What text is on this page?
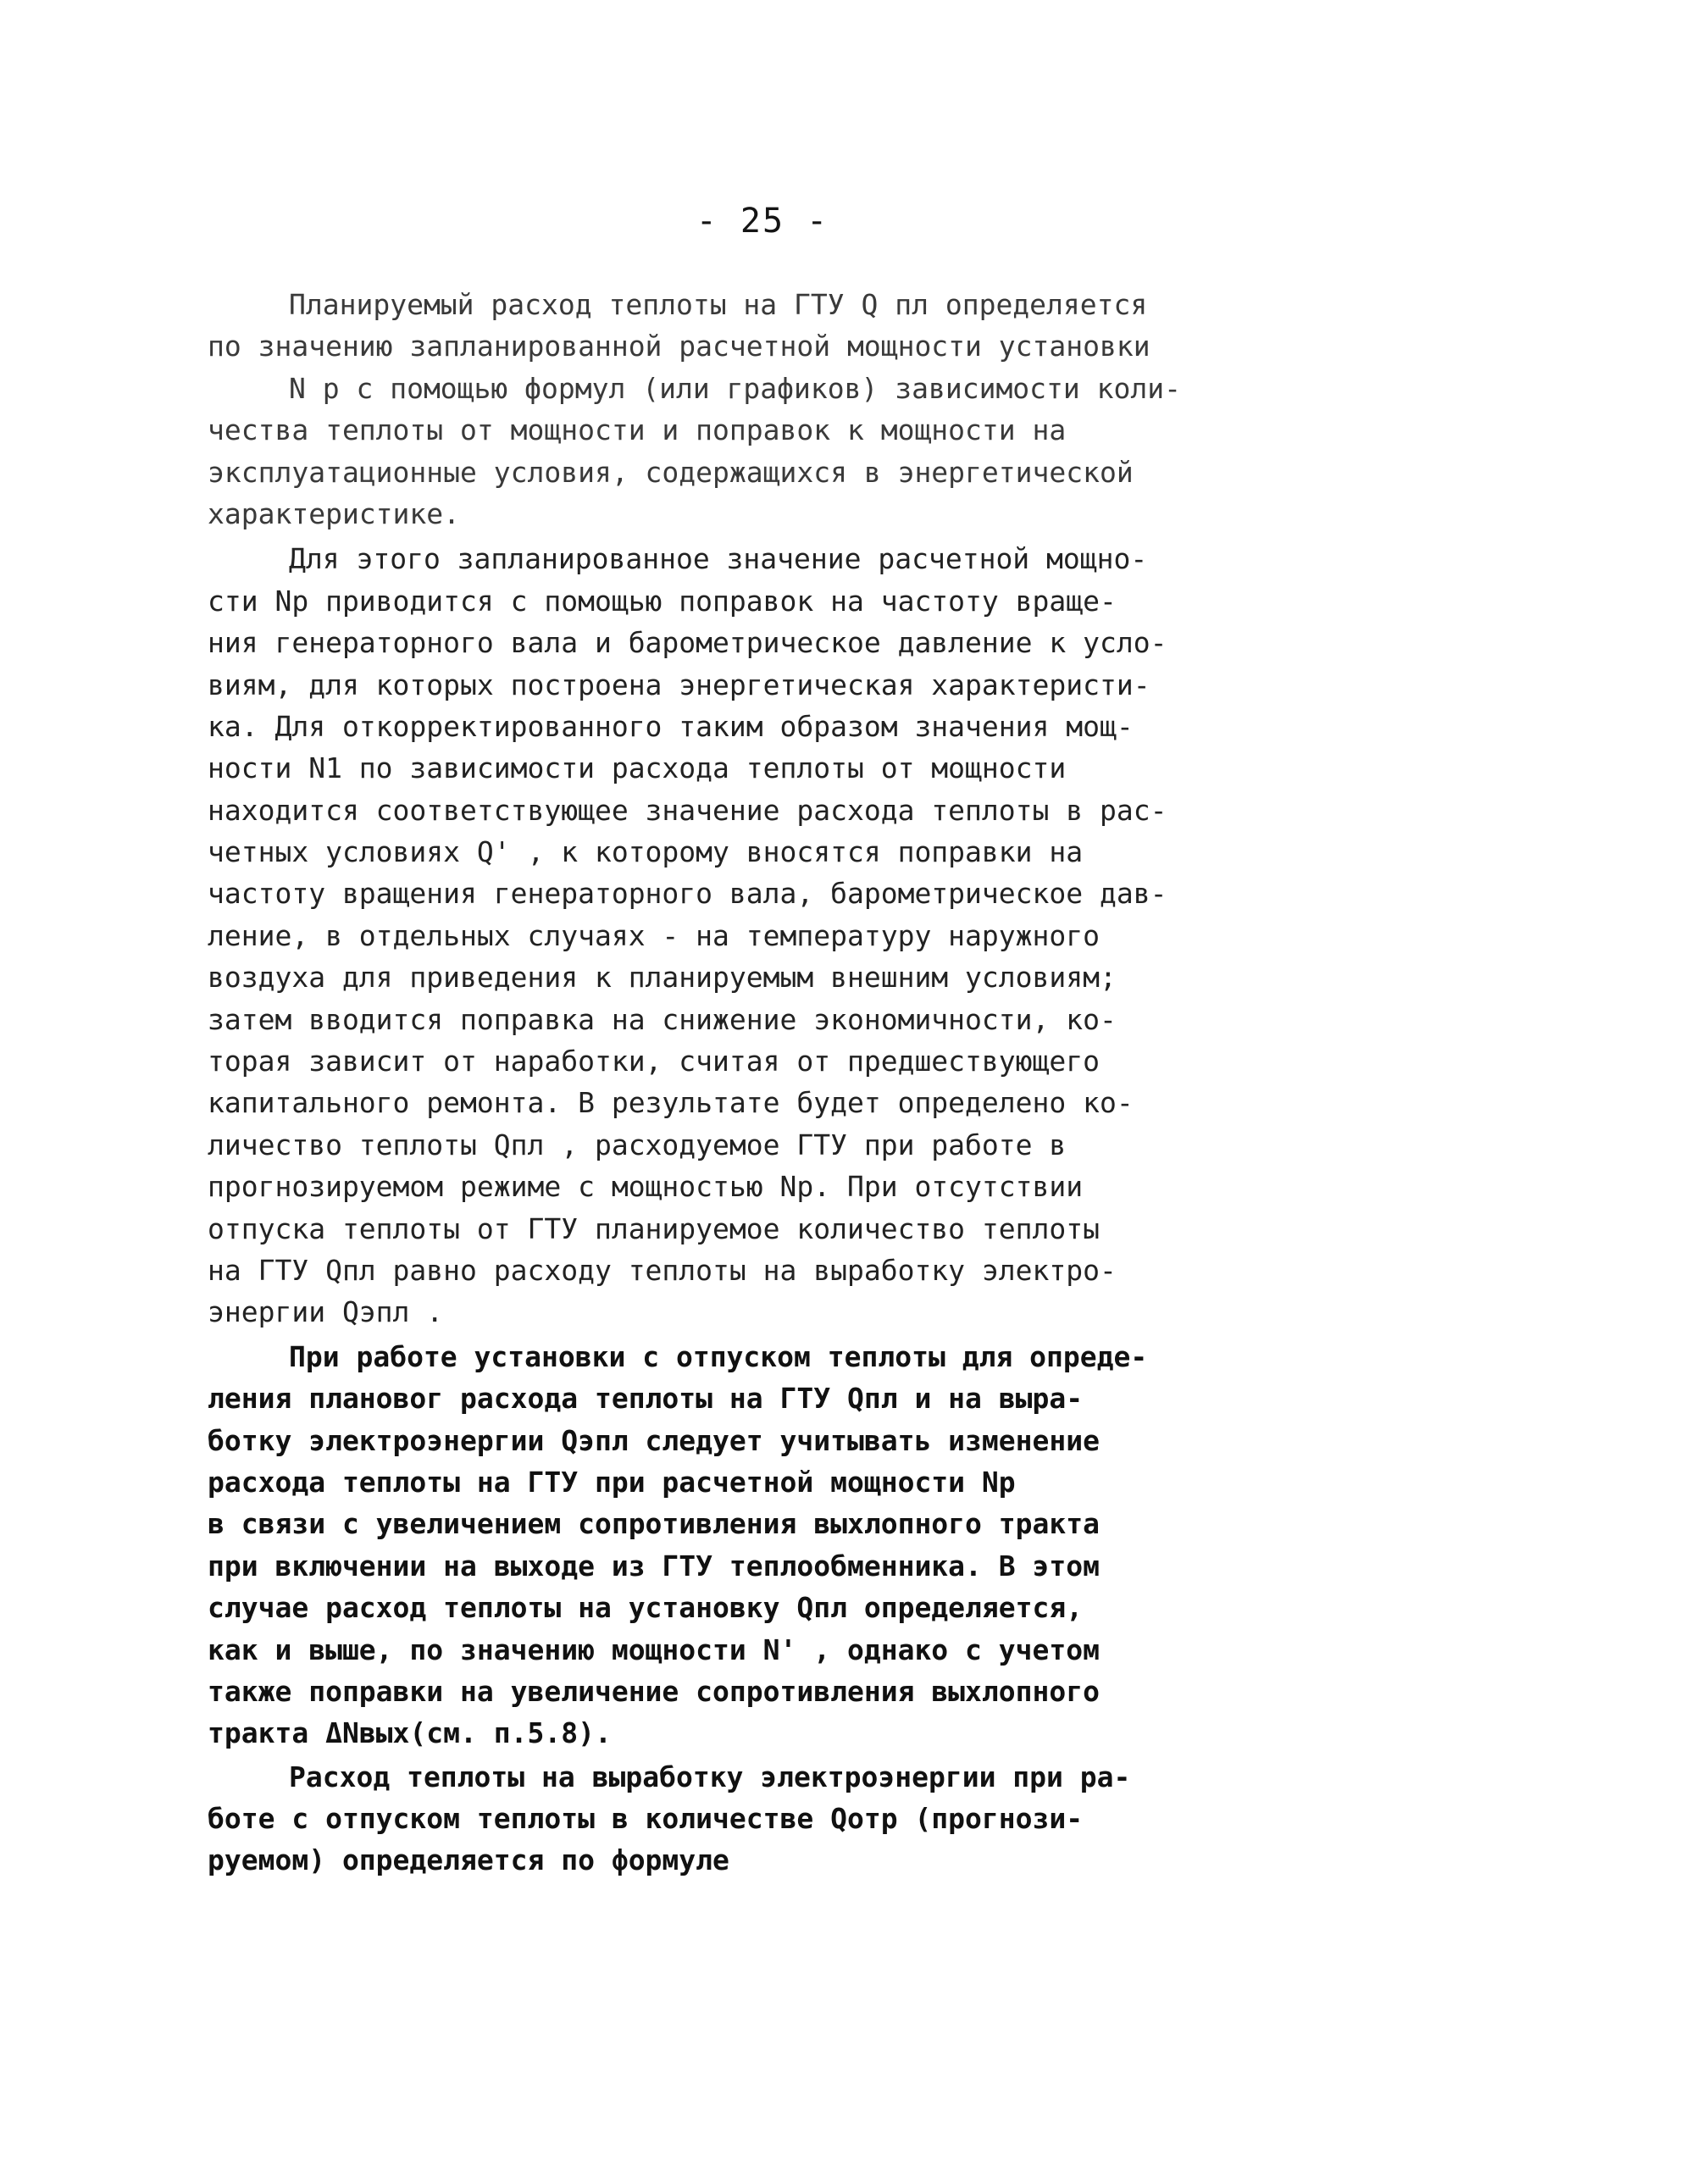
- 25 -
Планируемый расход теплоты на ГТУ Q пл определяется
по значению запланированной расчетной мощности установки
N р с помощью формул (или графиков) зависимости коли-
чества теплоты от мощности и поправок к мощности на
эксплуатационные условия, содержащихся в энергетической
характеристике.
Для этого запланированное значение расчетной мощно-
сти Nр приводится с помощью поправок на частоту враще-
ния генераторного вала и барометрическое давление к усло-
виям, для которых построена энергетическая характеристи-
ка. Для откорректированного таким образом значения мощ-
ности N1 по зависимости расхода теплоты от мощности
находится соответствующее значение расхода теплоты в рас-
четных условиях Q' , к которому вносятся поправки на
частоту вращения генераторного вала, барометрическое дав-
ление, в отдельных случаях - на температуру наружного
воздуха для приведения к планируемым внешним условиям;
затем вводится поправка на снижение экономичности, ко-
торая зависит от наработки, считая от предшествующего
капитального ремонта. В результате будет определено ко-
личество теплоты Qпл , расходуемое ГТУ при работе в
прогнозируемом режиме с мощностью Nр. При отсутствии
отпуска теплоты от ГТУ планируемое количество теплоты
на ГТУ Qпл равно расходу теплоты на выработку электро-
энергии Qэпл .
При работе установки с отпуском теплоты для опреде-
ления плановог расхода теплоты на ГТУ Qпл и на выра-
ботку электроэнергии Qэпл следует учитывать изменение
расхода теплоты на ГТУ при расчетной мощности Nр
в связи с увеличением сопротивления выхлопного тракта
при включении на выходе из ГТУ теплообменника. В этом
случае расход теплоты на установку Qпл определяется,
как и выше, по значению мощности N' , однако с учетом
также поправки на увеличение сопротивления выхлопного
тракта ΔNвых(см. п.5.8).
Расход теплоты на выработку электроэнергии при ра-
боте с отпуском теплоты в количестве Qотр (прогнози-
руемом) определяется по формуле
